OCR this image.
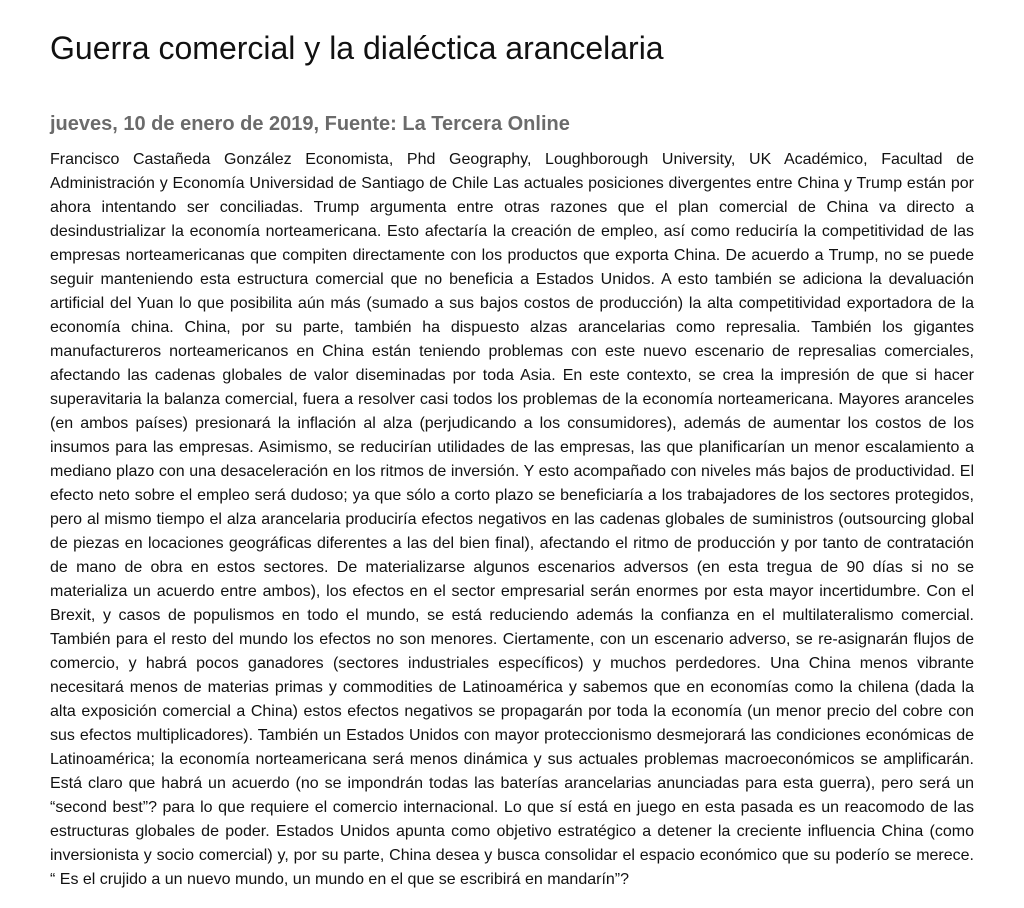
Guerra comercial y la dialéctica arancelaria
jueves, 10 de enero de 2019, Fuente: La Tercera Online

Francisco Castañeda González Economista, Phd Geography, Loughborough University, UK Académico, Facultad de Administración y Economía Universidad de Santiago de Chile Las actuales posiciones divergentes entre China y Trump están por ahora intentando ser conciliadas. Trump argumenta entre otras razones que el plan comercial de China va directo a desindustrializar la economía norteamericana. Esto afectaría la creación de empleo, así como reduciría la competitividad de las empresas norteamericanas que compiten directamente con los productos que exporta China. De acuerdo a Trump, no se puede seguir manteniendo esta estructura comercial que no beneficia a Estados Unidos. A esto también se adiciona la devaluación artificial del Yuan lo que posibilita aún más (sumado a sus bajos costos de producción) la alta competitividad exportadora de la economía china. China, por su parte, también ha dispuesto alzas arancelarias como represalia. También los gigantes manufactureros norteamericanos en China están teniendo problemas con este nuevo escenario de represalias comerciales, afectando las cadenas globales de valor diseminadas por toda Asia. En este contexto, se crea la impresión de que si hacer superavitaria la balanza comercial, fuera a resolver casi todos los problemas de la economía norteamericana. Mayores aranceles (en ambos países) presionará la inflación al alza (perjudicando a los consumidores), además de aumentar los costos de los insumos para las empresas. Asimismo, se reducirían utilidades de las empresas, las que planificarían un menor escalamiento a mediano plazo con una desaceleración en los ritmos de inversión. Y esto acompañado con niveles más bajos de productividad. El efecto neto sobre el empleo será dudoso; ya que sólo a corto plazo se beneficiaría a los trabajadores de los sectores protegidos, pero al mismo tiempo el alza arancelaria produciría efectos negativos en las cadenas globales de suministros (outsourcing global de piezas en locaciones geográficas diferentes a las del bien final), afectando el ritmo de producción y por tanto de contratación de mano de obra en estos sectores. De materializarse algunos escenarios adversos (en esta tregua de 90 días si no se materializa un acuerdo entre ambos), los efectos en el sector empresarial serán enormes por esta mayor incertidumbre. Con el Brexit, y casos de populismos en todo el mundo, se está reduciendo además la confianza en el multilateralismo comercial. También para el resto del mundo los efectos no son menores. Ciertamente, con un escenario adverso, se re-asignarán flujos de comercio, y habrá pocos ganadores (sectores industriales específicos) y muchos perdedores. Una China menos vibrante necesitará menos de materias primas y commodities de Latinoamérica y sabemos que en economías como la chilena (dada la alta exposición comercial a China) estos efectos negativos se propagarán por toda la economía (un menor precio del cobre con sus efectos multiplicadores). También un Estados Unidos con mayor proteccionismo desmejorará las condiciones económicas de Latinoamérica; la economía norteamericana será menos dinámica y sus actuales problemas macroeconómicos se amplificarán. Está claro que habrá un acuerdo (no se impondrán todas las baterías arancelarias anunciadas para esta guerra), pero será un “second best”? para lo que requiere el comercio internacional. Lo que sí está en juego en esta pasada es un reacomodo de las estructuras globales de poder. Estados Unidos apunta como objetivo estratégico a detener la creciente influencia China (como inversionista y socio comercial) y, por su parte, China desea y busca consolidar el espacio económico que su poderío se merece. “ Es el crujido a un nuevo mundo, un mundo en el que se escribirá en mandarín”?
